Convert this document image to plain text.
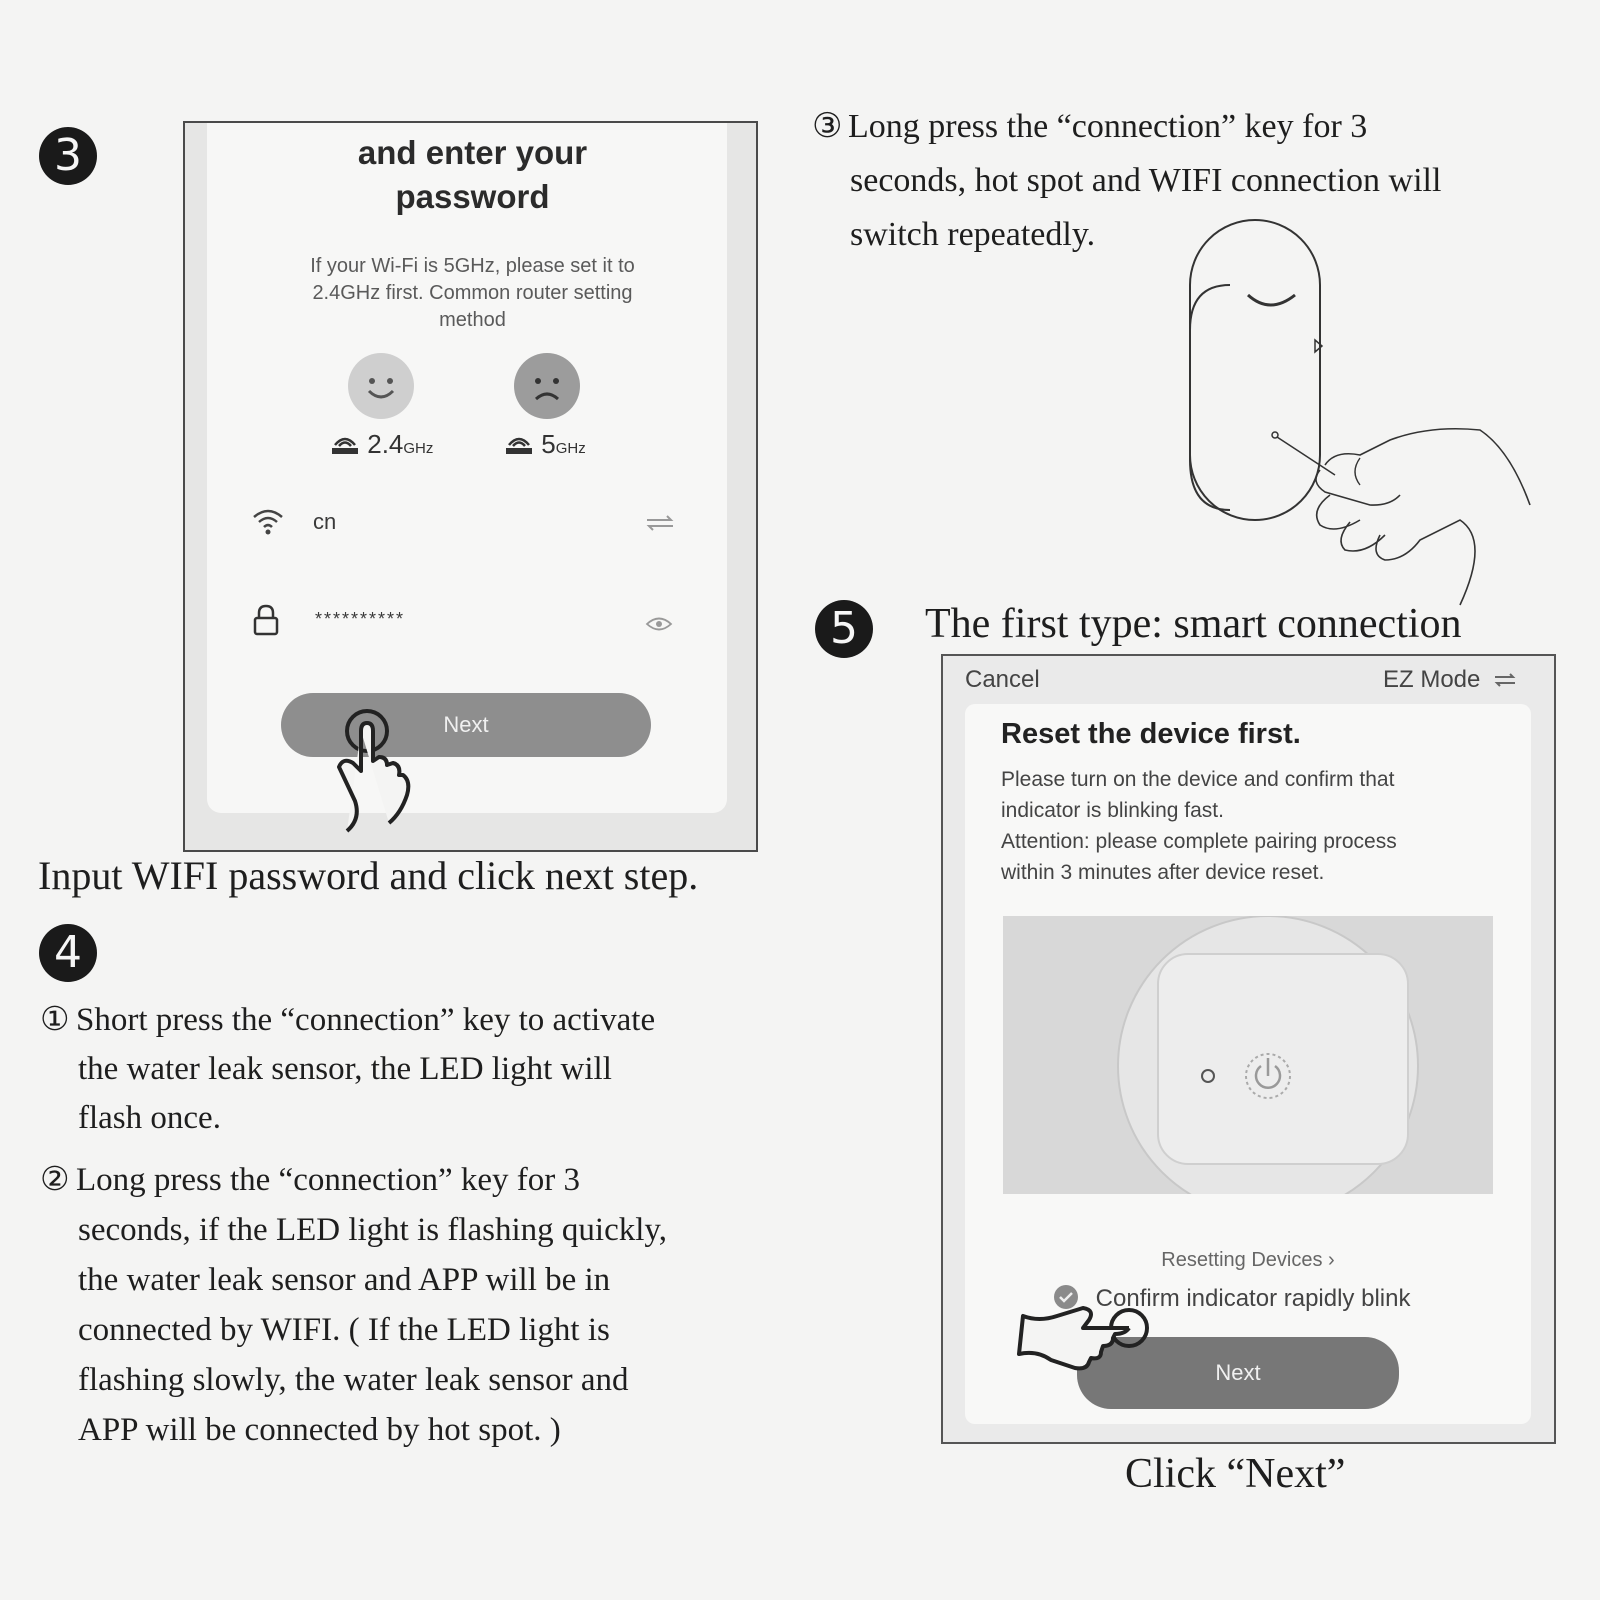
3	and enter your
password
If your Wi-Fi is 5GHz, please set it to
2.4GHz first. Common router setting
method
2.4GHz	5GHz
cn
**********
Next
Input WIFI password and click next step.
4
① Short press the “connection” key to activate
the water leak sensor, the LED light will
flash once.
② Long press the “connection” key for 3
seconds, if the LED light is flashing quickly,
the water leak sensor and APP will be in
connected by WIFI. ( If the LED light is
flashing slowly, the water leak sensor and
APP will be connected by hot spot. )
③ Long press the “connection” key for 3
seconds, hot spot and WIFI connection will
switch repeatedly.
5	The first type: smart connection
Cancel	EZ Mode
Reset the device first.
Please turn on the device and confirm that
indicator is blinking fast.
Attention: please complete pairing process
within 3 minutes after device reset.
Resetting Devices ›
Confirm indicator rapidly blink
Next
Click “Next”
